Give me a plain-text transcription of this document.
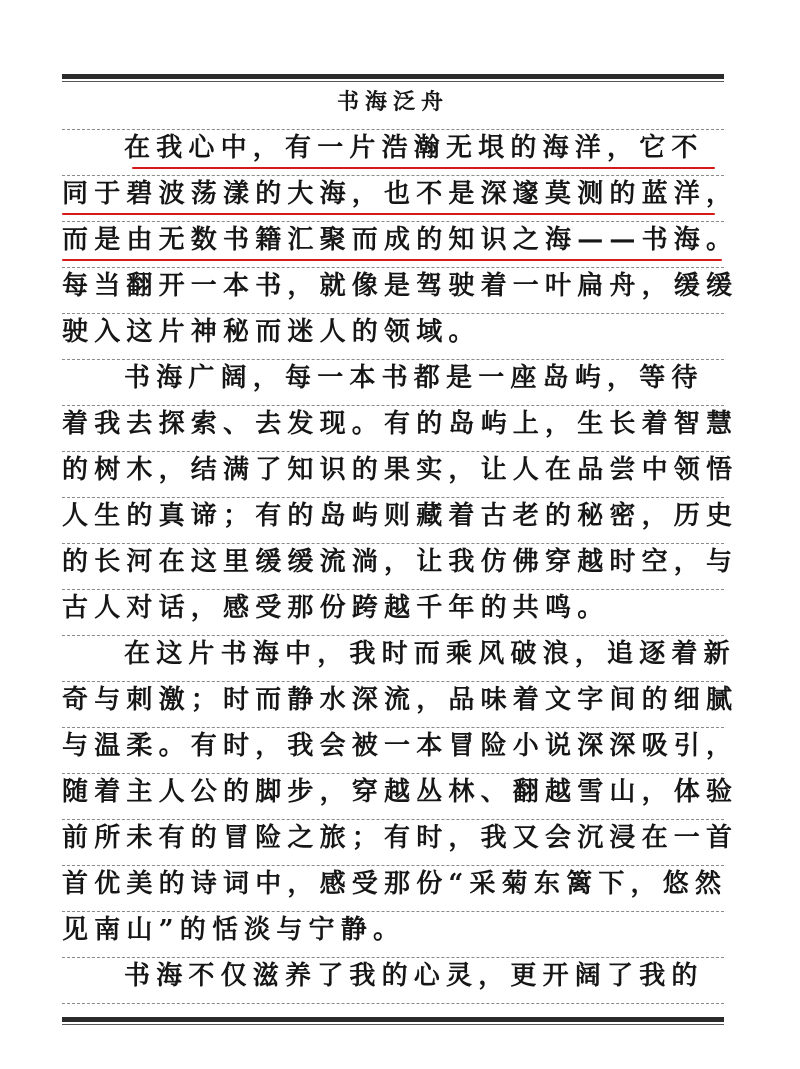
书海泛舟
在我心中，有一片浩瀚无垠的海洋，它不
同于碧波荡漾的大海，也不是深邃莫测的蓝洋，
而是由无数书籍汇聚而成的知识之海——书海。
每当翻开一本书，就像是驾驶着一叶扁舟，缓缓
驶入这片神秘而迷人的领域。
书海广阔，每一本书都是一座岛屿，等待
着我去探索、去发现。有的岛屿上，生长着智慧
的树木，结满了知识的果实，让人在品尝中领悟
人生的真谛；有的岛屿则藏着古老的秘密，历史
的长河在这里缓缓流淌，让我仿佛穿越时空，与
古人对话，感受那份跨越千年的共鸣。
在这片书海中，我时而乘风破浪，追逐着新
奇与刺激；时而静水深流，品味着文字间的细腻
与温柔。有时，我会被一本冒险小说深深吸引，
随着主人公的脚步，穿越丛林、翻越雪山，体验
前所未有的冒险之旅；有时，我又会沉浸在一首
首优美的诗词中，感受那份“采菊东篱下，悠然
见南山”的恬淡与宁静。
书海不仅滋养了我的心灵，更开阔了我的
